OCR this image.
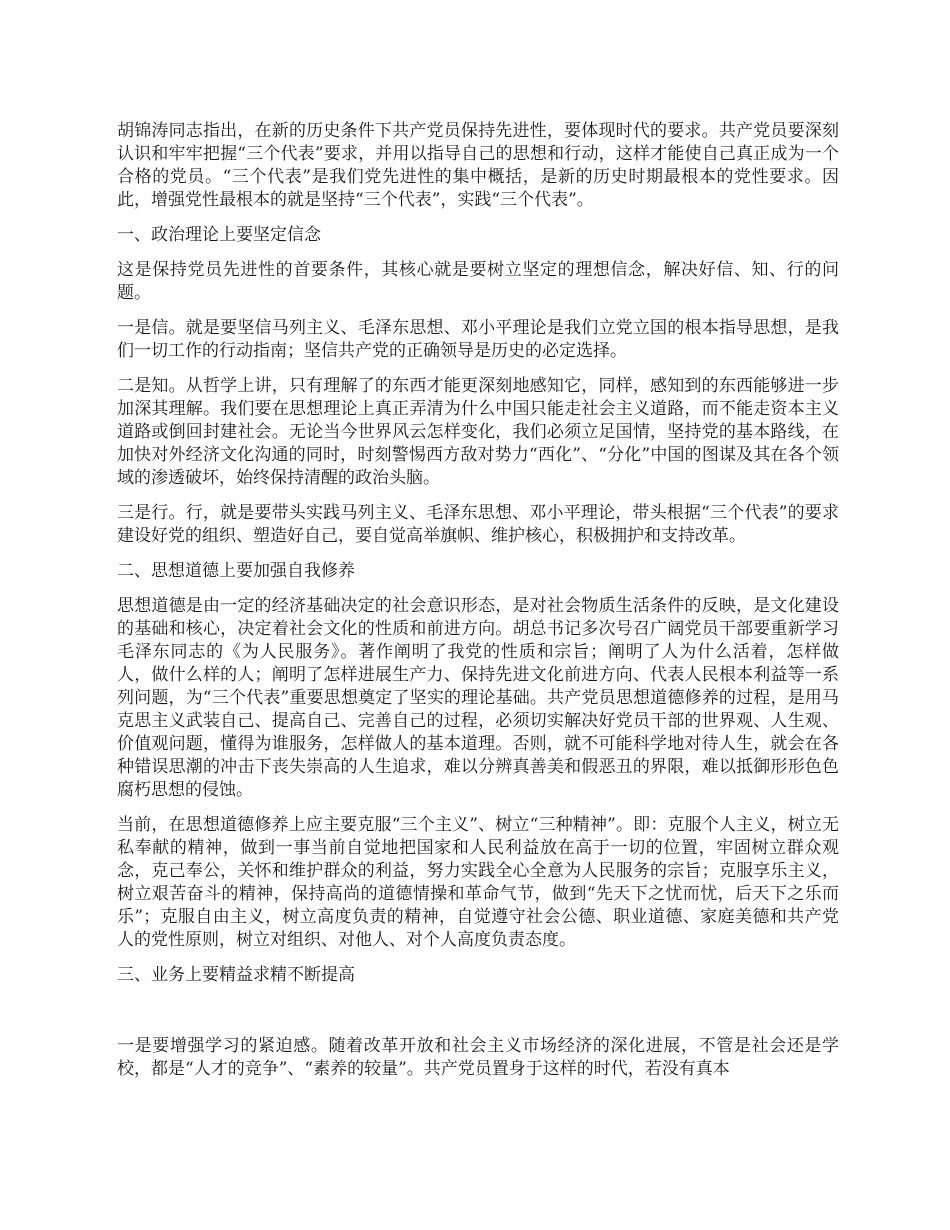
胡锦涛同志指出，在新的历史条件下共产党员保持先进性，要体现时代的要求。共产党员要深刻认识和牢牢把握“三个代表”要求，并用以指导自己的思想和行动，这样才能使自己真正成为一个合格的党员。“三个代表”是我们党先进性的集中概括，是新的历史时期最根本的党性要求。因此，增强党性最根本的就是坚持“三个代表”，实践“三个代表”。

一、政治理论上要坚定信念

这是保持党员先进性的首要条件，其核心就是要树立坚定的理想信念，解决好信、知、行的问题。

一是信。就是要坚信马列主义、毛泽东思想、邓小平理论是我们立党立国的根本指导思想，是我们一切工作的行动指南；坚信共产党的正确领导是历史的必定选择。

二是知。从哲学上讲，只有理解了的东西才能更深刻地感知它，同样，感知到的东西能够进一步加深其理解。我们要在思想理论上真正弄清为什么中国只能走社会主义道路，而不能走资本主义道路或倒回封建社会。无论当今世界风云怎样变化，我们必须立足国情，坚持党的基本路线，在加快对外经济文化沟通的同时，时刻警惕西方敌对势力“西化”、“分化”中国的图谋及其在各个领域的渗透破坏，始终保持清醒的政治头脑。

三是行。行，就是要带头实践马列主义、毛泽东思想、邓小平理论，带头根据“三个代表”的要求建设好党的组织、塑造好自己，要自觉高举旗帜、维护核心，积极拥护和支持改革。

二、思想道德上要加强自我修养

思想道德是由一定的经济基础决定的社会意识形态，是对社会物质生活条件的反映，是文化建设的基础和核心，决定着社会文化的性质和前进方向。胡总书记多次号召广阔党员干部要重新学习毛泽东同志的《为人民服务》。著作阐明了我党的性质和宗旨；阐明了人为什么活着，怎样做人，做什么样的人；阐明了怎样进展生产力、保持先进文化前进方向、代表人民根本利益等一系列问题，为“三个代表”重要思想奠定了坚实的理论基础。共产党员思想道德修养的过程，是用马克思主义武装自己、提高自己、完善自己的过程，必须切实解决好党员干部的世界观、人生观、价值观问题，懂得为谁服务，怎样做人的基本道理。否则，就不可能科学地对待人生，就会在各种错误思潮的冲击下丧失崇高的人生追求，难以分辨真善美和假恶丑的界限，难以抵御形形色色腐朽思想的侵蚀。

当前，在思想道德修养上应主要克服“三个主义”、树立“三种精神”。即：克服个人主义，树立无私奉献的精神，做到一事当前自觉地把国家和人民利益放在高于一切的位置，牢固树立群众观念，克己奉公，关怀和维护群众的利益，努力实践全心全意为人民服务的宗旨；克服享乐主义，树立艰苦奋斗的精神，保持高尚的道德情操和革命气节，做到“先天下之忧而忧，后天下之乐而乐”；克服自由主义，树立高度负责的精神，自觉遵守社会公德、职业道德、家庭美德和共产党人的党性原则，树立对组织、对他人、对个人高度负责态度。

三、业务上要精益求精不断提高

一是要增强学习的紧迫感。随着改革开放和社会主义市场经济的深化进展，不管是社会还是学校，都是“人才的竞争”、“素养的较量”。共产党员置身于这样的时代，若没有真本
